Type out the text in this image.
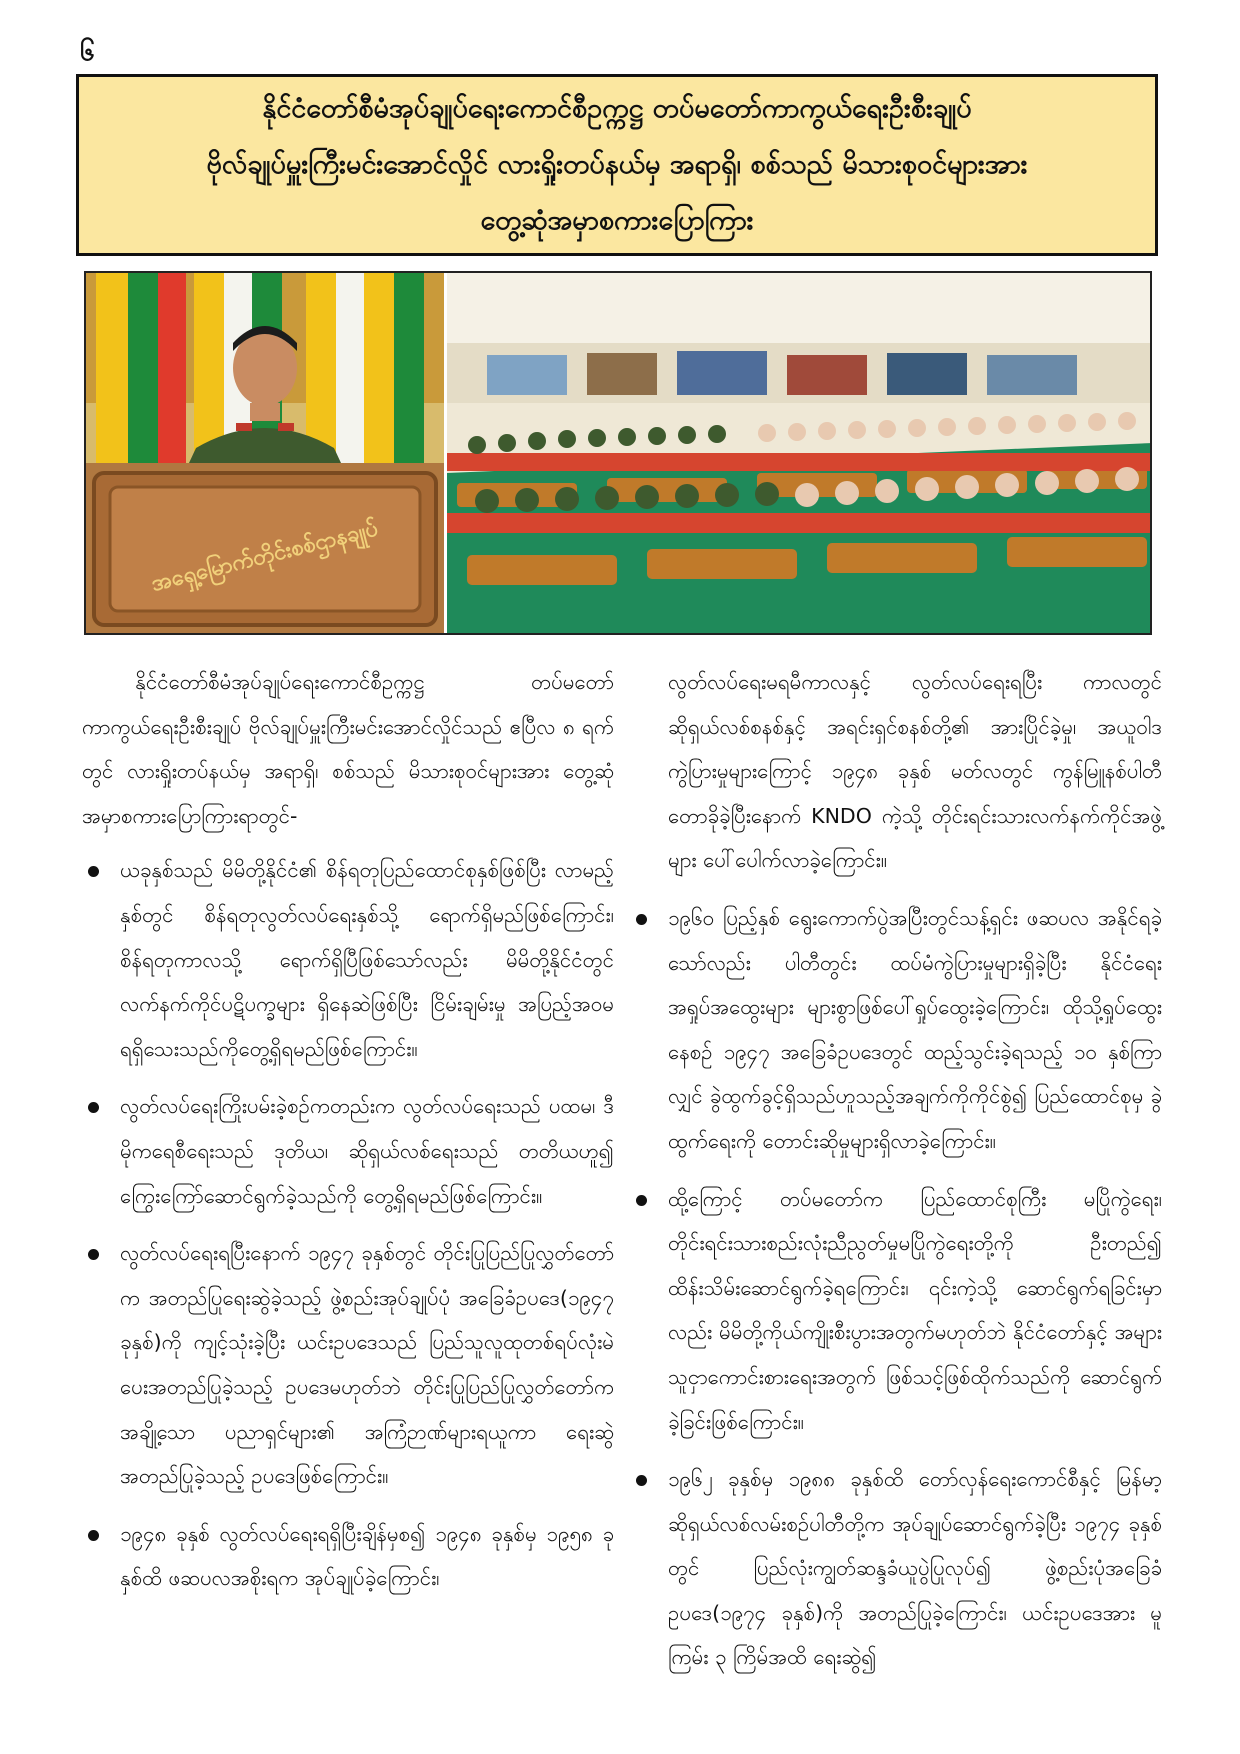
၆
နိုင်ငံတော်စီမံအုပ်ချုပ်ရေးကောင်စီဥက္ကဋ္ဌ တပ်မတော်ကာကွယ်ရေးဦးစီးချုပ်
ဗိုလ်ချုပ်မှူးကြီးမင်းအောင်လှိုင် လားရှိုးတပ်နယ်မှ အရာရှိ၊ စစ်သည် မိသားစုဝင်များအား
တွေ့ဆုံအမှာစကားပြောကြား
အရှေ့မြောက်တိုင်းစစ်ဌာနချုပ်

နိုင်ငံတော်စီမံအုပ်ချုပ်ရေးကောင်စီဥက္ကဋ္ဌ တပ်မတော်ကာကွယ်ရေးဦးစီးချုပ် ဗိုလ်ချုပ်မှူးကြီးမင်းအောင်လှိုင်သည် ဧပြီလ ၈ ရက်တွင် လားရှိုးတပ်နယ်မှ အရာရှိ၊ စစ်သည် မိသားစုဝင်များအား တွေ့ဆုံအမှာစကားပြောကြားရာတွင်-

ယခုနှစ်သည် မိမိတို့နိုင်ငံ၏ စိန်ရတုပြည်ထောင်စုနှစ်ဖြစ်ပြီး လာမည့်နှစ်တွင် စိန်ရတုလွတ်လပ်ရေးနှစ်သို့ ရောက်ရှိမည်ဖြစ်ကြောင်း၊ စိန်ရတုကာလသို့ ရောက်ရှိပြီဖြစ်သော်လည်း မိမိတို့နိုင်ငံတွင် လက်နက်ကိုင်ပဋိပက္ခများ ရှိနေဆဲဖြစ်ပြီး ငြိမ်းချမ်းမှု အပြည့်အဝမရရှိသေးသည်ကိုတွေ့ရှိရမည်ဖြစ်ကြောင်း။
လွတ်လပ်ရေးကြိုးပမ်းခဲ့စဉ်ကတည်းက လွတ်လပ်ရေးသည် ပထမ၊ ဒီမိုကရေစီရေးသည် ဒုတိယ၊ ဆိုရှယ်လစ်ရေးသည် တတိယဟူ၍ ကြွေးကြော်ဆောင်ရွက်ခဲ့သည်ကို တွေ့ရှိရမည်ဖြစ်ကြောင်း။
လွတ်လပ်ရေးရပြီးနောက် ၁၉၄၇ ခုနှစ်တွင် တိုင်းပြုပြည်ပြုလွှတ်တော်က အတည်ပြုရေးဆွဲခဲ့သည့် ဖွဲ့စည်းအုပ်ချုပ်ပုံ အခြေခံဥပဒေ(၁၉၄၇ ခုနှစ်)ကို ကျင့်သုံးခဲ့ပြီး ယင်းဥပဒေသည် ပြည်သူလူထုတစ်ရပ်လုံးမဲပေးအတည်ပြုခဲ့သည့် ဥပဒေမဟုတ်ဘဲ တိုင်းပြုပြည်ပြုလွှတ်တော်က အချို့သော ပညာရှင်များ၏ အကြံဉာဏ်များရယူကာ ရေးဆွဲအတည်ပြုခဲ့သည့် ဥပဒေဖြစ်ကြောင်း။
၁၉၄၈ ခုနှစ် လွတ်လပ်ရေးရရှိပြီးချိန်မှစ၍ ၁၉၄၈ ခုနှစ်မှ ၁၉၅၈ ခုနှစ်ထိ ဖဆပလအစိုးရက အုပ်ချုပ်ခဲ့ကြောင်း၊

လွတ်လပ်ရေးမရမီကာလနှင့် လွတ်လပ်ရေးရပြီး ကာလတွင် ဆိုရှယ်လစ်စနစ်နှင့် အရင်းရှင်စနစ်တို့၏ အားပြိုင်ခဲ့မှု၊ အယူဝါဒကွဲပြားမှုများကြောင့် ၁၉၄၈ ခုနှစ် မတ်လတွင် ကွန်မြူနစ်ပါတီ တောခိုခဲ့ပြီးနောက် KNDO ကဲ့သို့ တိုင်းရင်းသားလက်နက်ကိုင်အဖွဲ့များ ပေါ်ပေါက်လာခဲ့ကြောင်း။

၁၉၆၀ ပြည့်နှစ် ရွေးကောက်ပွဲအပြီးတွင်သန့်ရှင်း ဖဆပလ အနိုင်ရခဲ့သော်လည်း ပါတီတွင်း ထပ်မံကွဲပြားမှုများရှိခဲ့ပြီး နိုင်ငံရေးအရှုပ်အထွေးများ များစွာဖြစ်ပေါ်ရှုပ်ထွေးခဲ့ကြောင်း၊ ထိုသို့ရှုပ်ထွေးနေစဉ် ၁၉၄၇ အခြေခံဥပဒေတွင် ထည့်သွင်းခဲ့ရသည့် ၁၀ နှစ်ကြာလျှင် ခွဲထွက်ခွင့်ရှိသည်ဟူသည့်အချက်ကိုကိုင်စွဲ၍ ပြည်ထောင်စုမှ ခွဲထွက်ရေးကို တောင်းဆိုမှုများရှိလာခဲ့ကြောင်း။
ထို့ကြောင့် တပ်မတော်က ပြည်ထောင်စုကြီး မပြိုကွဲရေး၊ တိုင်းရင်းသားစည်းလုံးညီညွတ်မှုမပြိုကွဲရေးတို့ကို ဦးတည်၍ ထိန်းသိမ်းဆောင်ရွက်ခဲ့ရကြောင်း၊ ၎င်းကဲ့သို့ ဆောင်ရွက်ရခြင်းမှာလည်း မိမိတို့ကိုယ်ကျိုးစီးပွားအတွက်မဟုတ်ဘဲ နိုင်ငံတော်နှင့် အများသူငှာကောင်းစားရေးအတွက် ဖြစ်သင့်ဖြစ်ထိုက်သည်ကို ဆောင်ရွက်ခဲ့ခြင်းဖြစ်ကြောင်း။
၁၉၆၂ ခုနှစ်မှ ၁၉၈၈ ခုနှစ်ထိ တော်လှန်ရေးကောင်စီနှင့် မြန်မာ့ဆိုရှယ်လစ်လမ်းစဉ်ပါတီတို့က အုပ်ချုပ်ဆောင်ရွက်ခဲ့ပြီး ၁၉၇၄ ခုနှစ်တွင် ပြည်လုံးကျွတ်ဆန္ဒခံယူပွဲပြုလုပ်၍ ဖွဲ့စည်းပုံအခြေခံဥပဒေ(၁၉၇၄ ခုနှစ်)ကို အတည်ပြုခဲ့ကြောင်း၊ ယင်းဥပဒေအား မူကြမ်း ၃ ကြိမ်အထိ ရေးဆွဲ၍
